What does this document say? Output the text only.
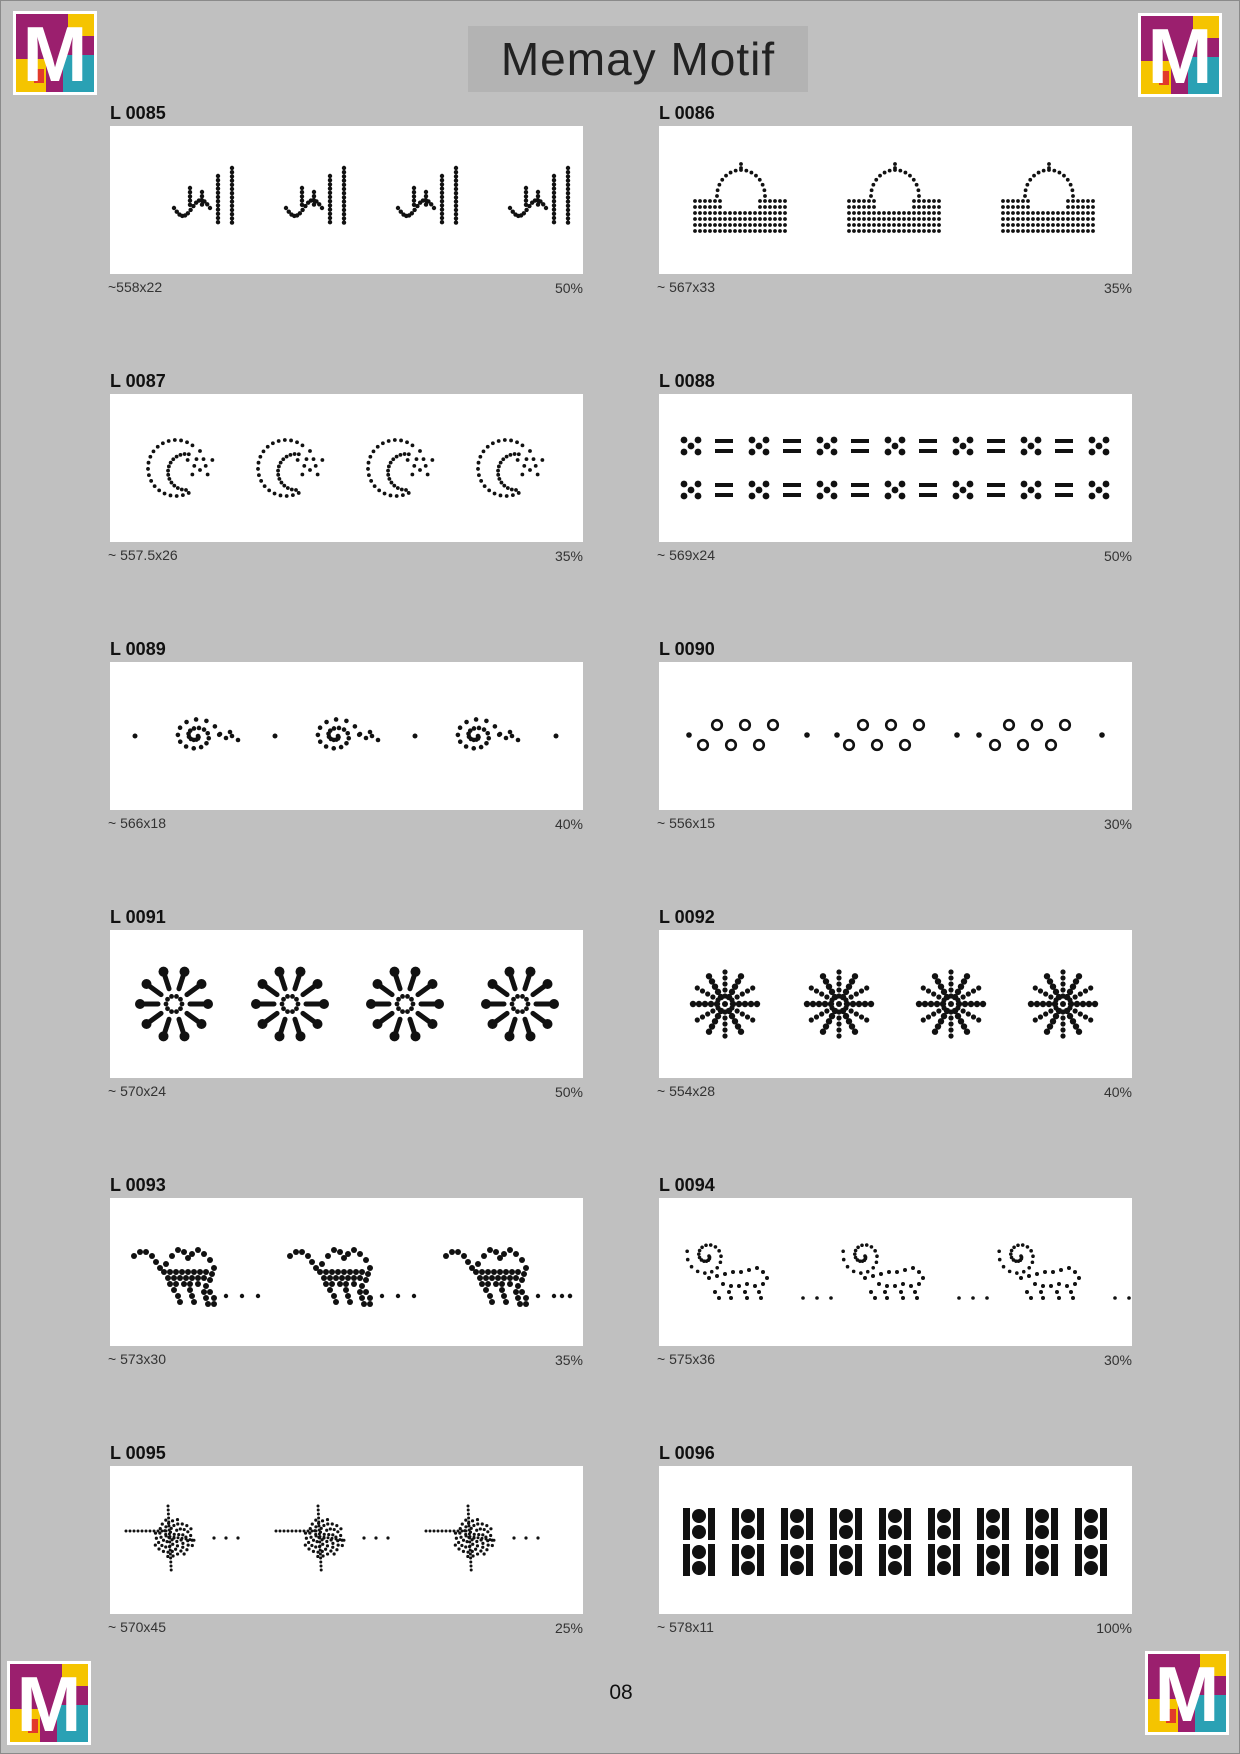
Memay Motif
M	M
M	M
L 0085
~558x22	50%
L 0086
~ 567x33	35%
L 0087
~ 557.5x26	35%
L 0088
~ 569x24	50%
L 0089
~ 566x18	40%
L 0090
~ 556x15	30%
L 0091
~ 570x24	50%
L 0092
~ 554x28	40%
L 0093
~ 573x30	35%
L 0094
~ 575x36	30%
L 0095
~ 570x45	25%
L 0096
~ 578x11	100%
08
